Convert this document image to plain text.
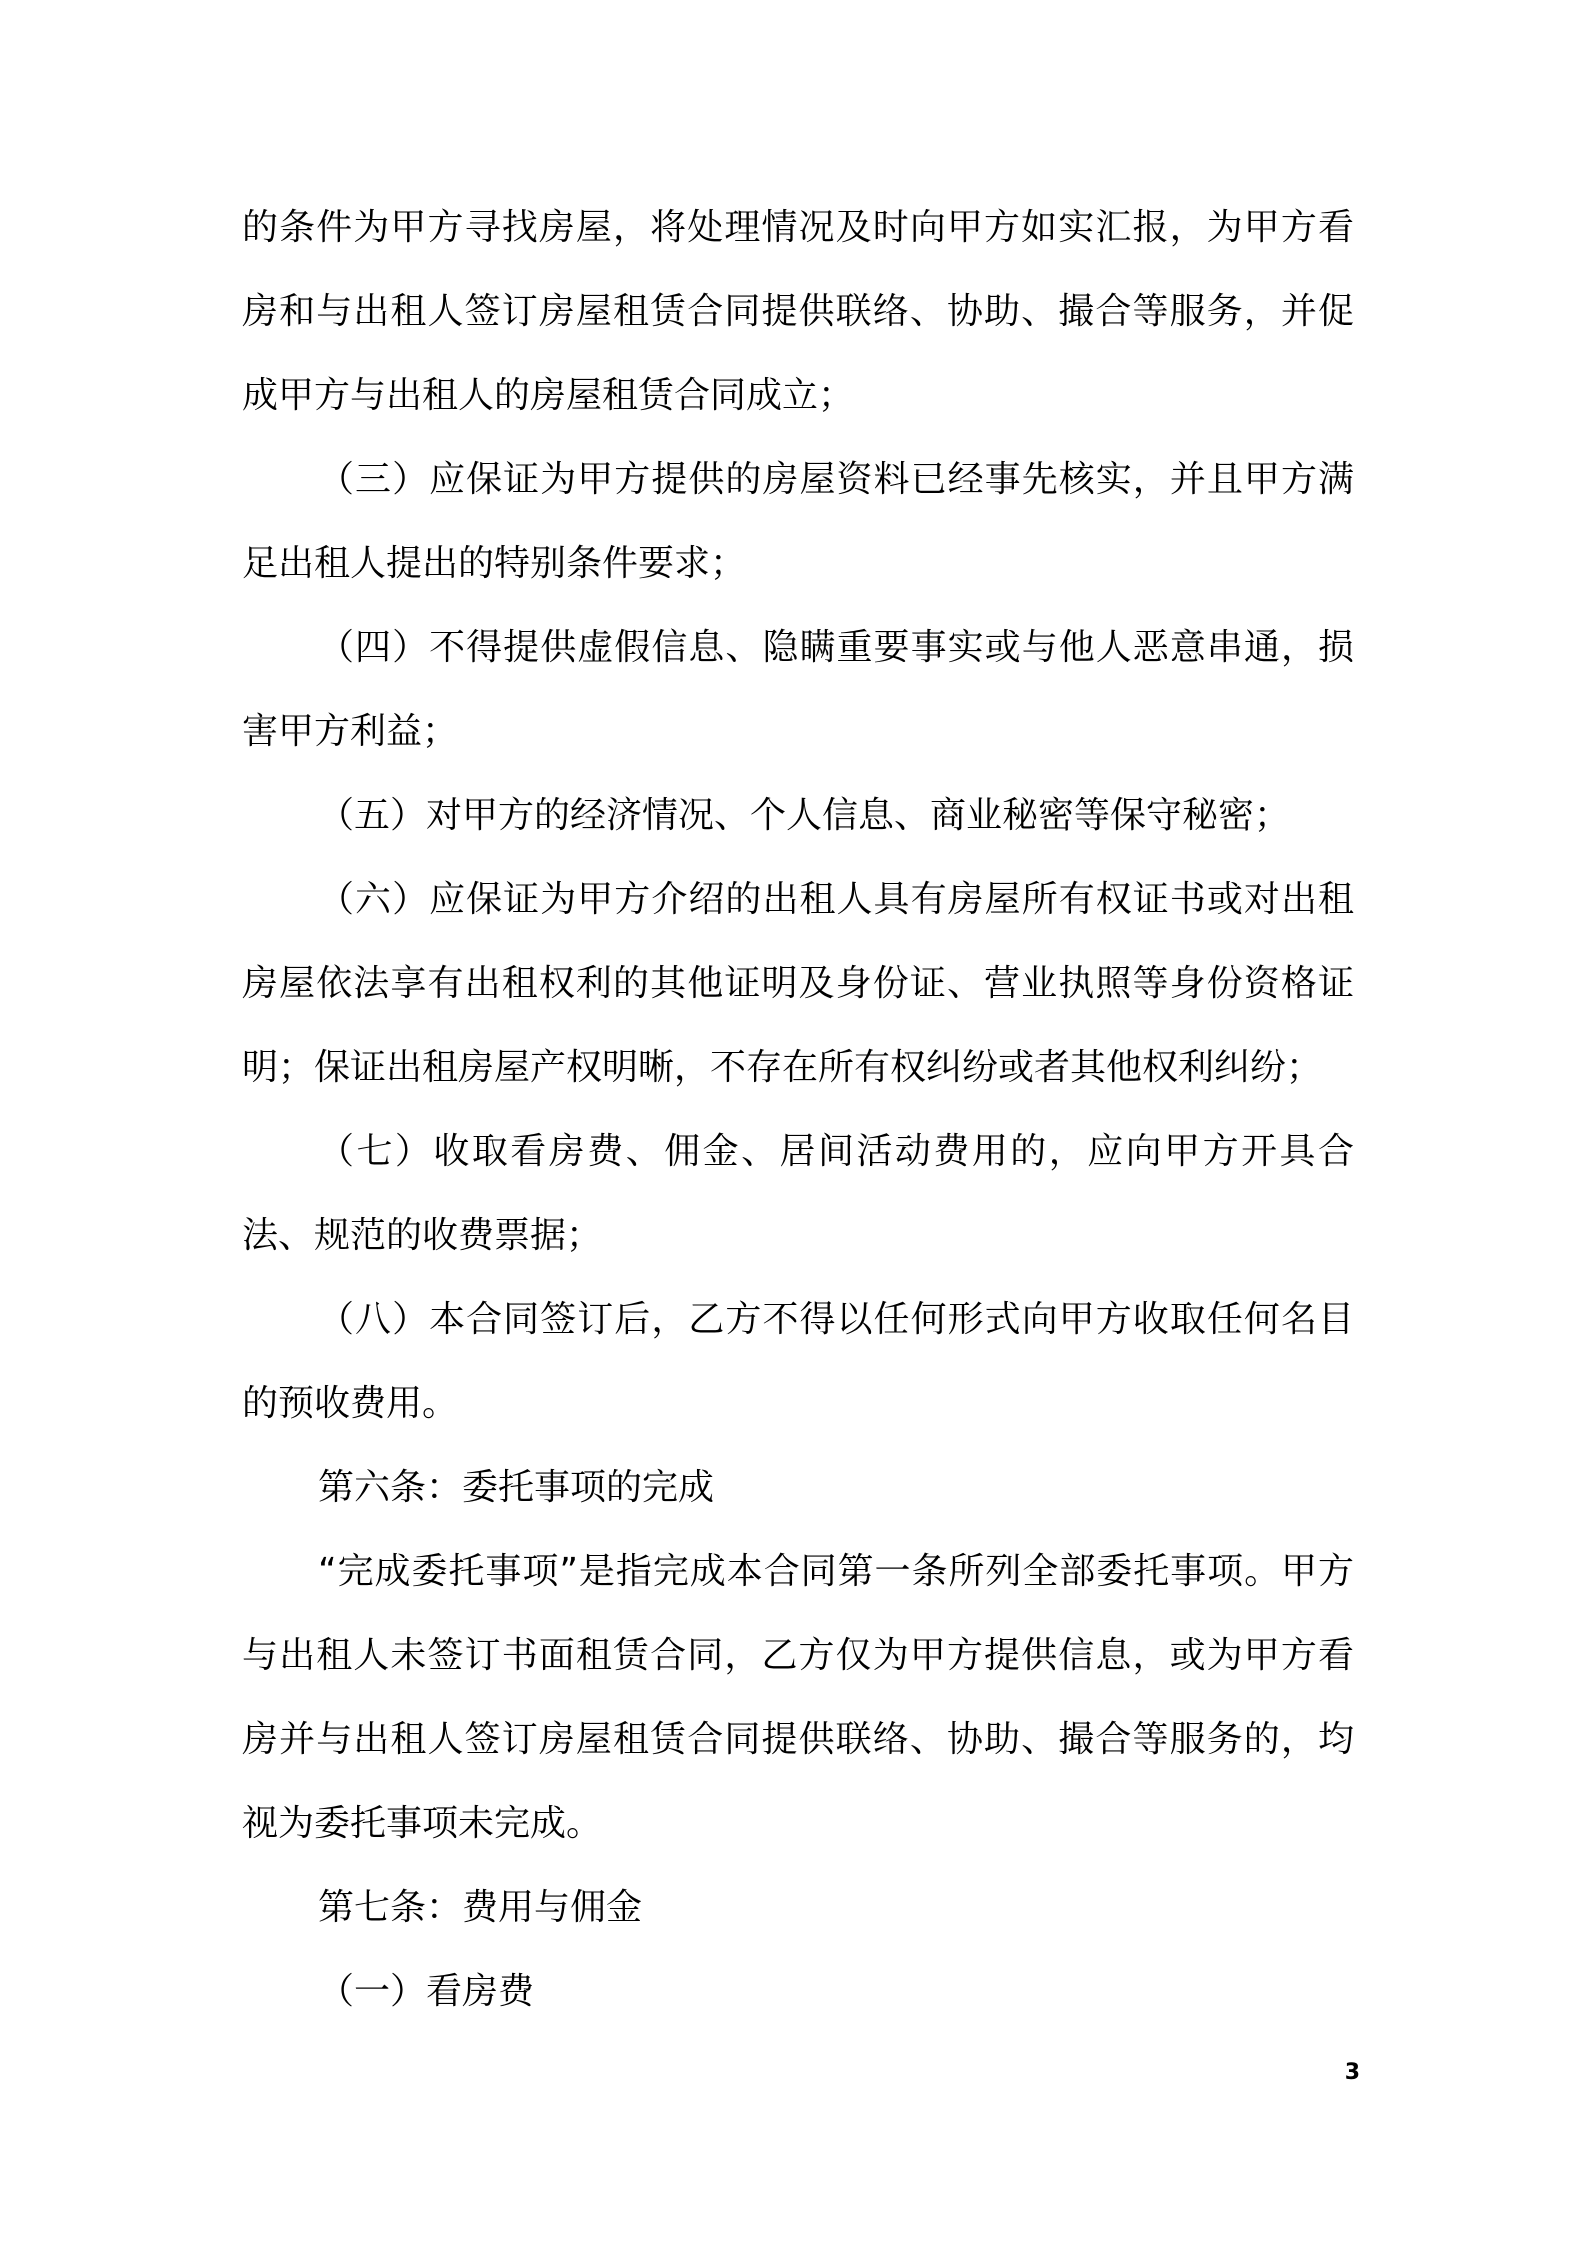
的条件为甲方寻找房屋，将处理情况及时向甲方如实汇报，为甲方看房和与出租人签订房屋租赁合同提供联络、协助、撮合等服务，并促成甲方与出租人的房屋租赁合同成立；

（三）应保证为甲方提供的房屋资料已经事先核实，并且甲方满足出租人提出的特别条件要求；

（四）不得提供虚假信息、隐瞒重要事实或与他人恶意串通，损害甲方利益；

（五）对甲方的经济情况、个人信息、商业秘密等保守秘密；

（六）应保证为甲方介绍的出租人具有房屋所有权证书或对出租房屋依法享有出租权利的其他证明及身份证、营业执照等身份资格证明；保证出租房屋产权明晰，不存在所有权纠纷或者其他权利纠纷；

（七）收取看房费、佣金、居间活动费用的，应向甲方开具合法、规范的收费票据；

（八）本合同签订后，乙方不得以任何形式向甲方收取任何名目的预收费用。

第六条：委托事项的完成

“完成委托事项”是指完成本合同第一条所列全部委托事项。甲方与出租人未签订书面租赁合同，乙方仅为甲方提供信息，或为甲方看房并与出租人签订房屋租赁合同提供联络、协助、撮合等服务的，均视为委托事项未完成。

第七条：费用与佣金

（一）看房费

3
